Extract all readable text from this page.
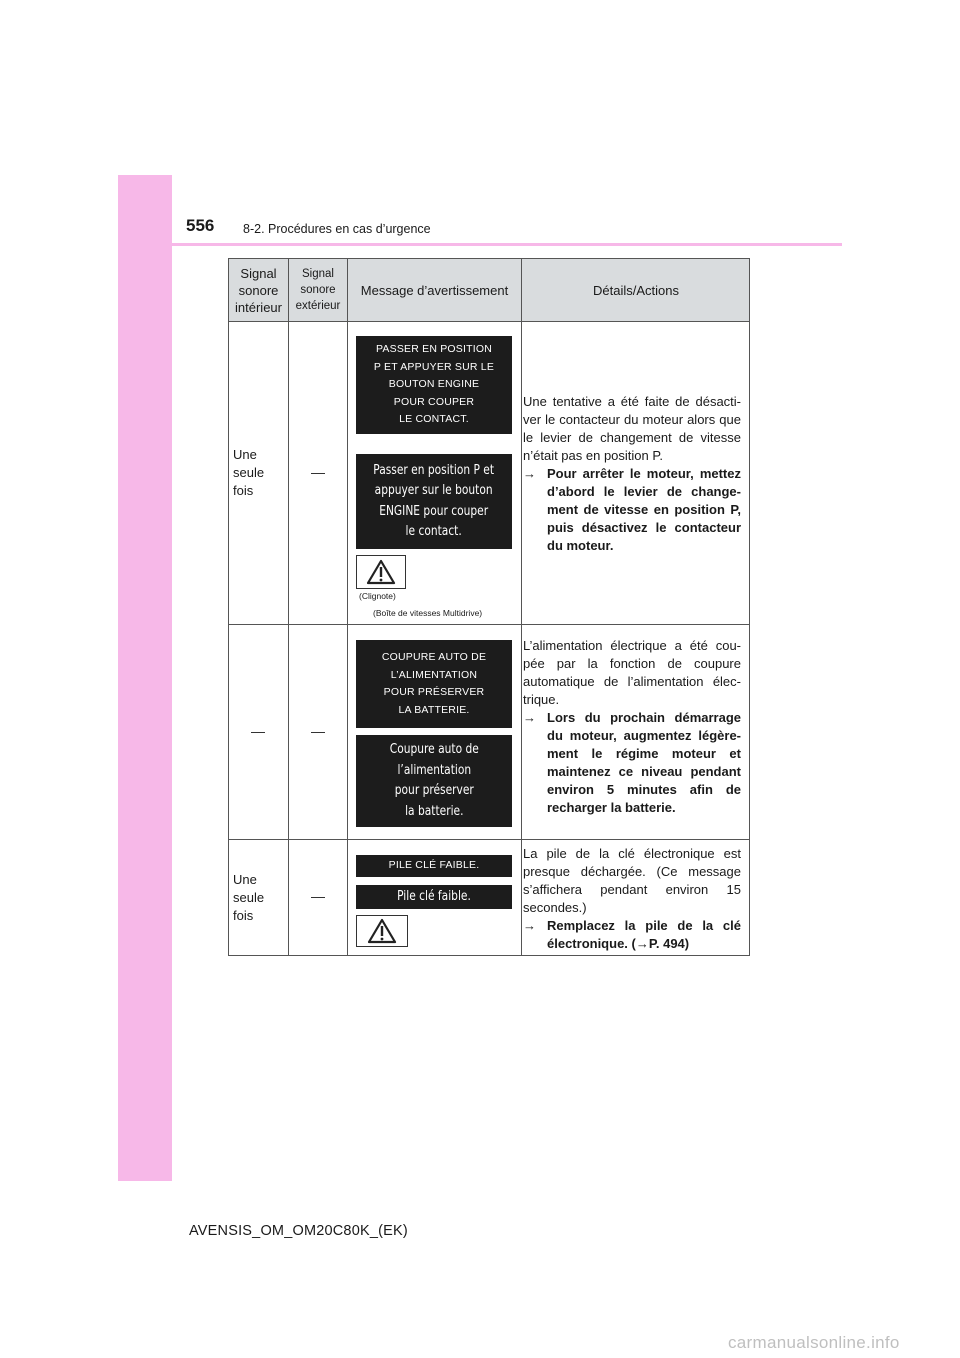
556 8-2. Procédures en cas d’urgence
Signal
sonore
intérieur
Signal
sonore
extérieur
Message d’avertissement	Détails/Actions
Une
seule
fois
PASSER EN POSITION
P ET APPUYER SUR LE
BOUTON ENGINE
POUR COUPER
LE CONTACT.
Passer en position P et
appuyer sur le bouton
ENGINE pour couper
le contact.
(Clignote)
(Boîte de vitesses Multidrive)

Une tentative a été faite de désacti-ver le contacteur du moteur alors que le levier de changement de vitesse n’était pas en position P.

→ Pour arrêter le moteur, mettez d’abord le levier de change-ment de vitesse en position P, puis désactivez le contacteur du moteur.

COUPURE AUTO DE
L’ALIMENTATION
POUR PRÉSERVER
LA BATTERIE.
Coupure auto de
l’alimentation
pour préserver
la batterie.

L’alimentation électrique a été cou-pée par la fonction de coupure automatique de l’alimentation élec-trique.

→ Lors du prochain démarrage du moteur, augmentez légère-ment le régime moteur et maintenez ce niveau pendant environ 5 minutes afin de recharger la batterie.

Une
seule
fois
PILE CLÉ FAIBLE.
Pile clé faible.

La pile de la clé électronique est presque déchargée. (Ce message s’affichera pendant environ 15 secondes.)

→ Remplacez la pile de la clé électronique. (→P. 494)

AVENSIS_OM_OM20C80K_(EK)
carmanualsonline.info
